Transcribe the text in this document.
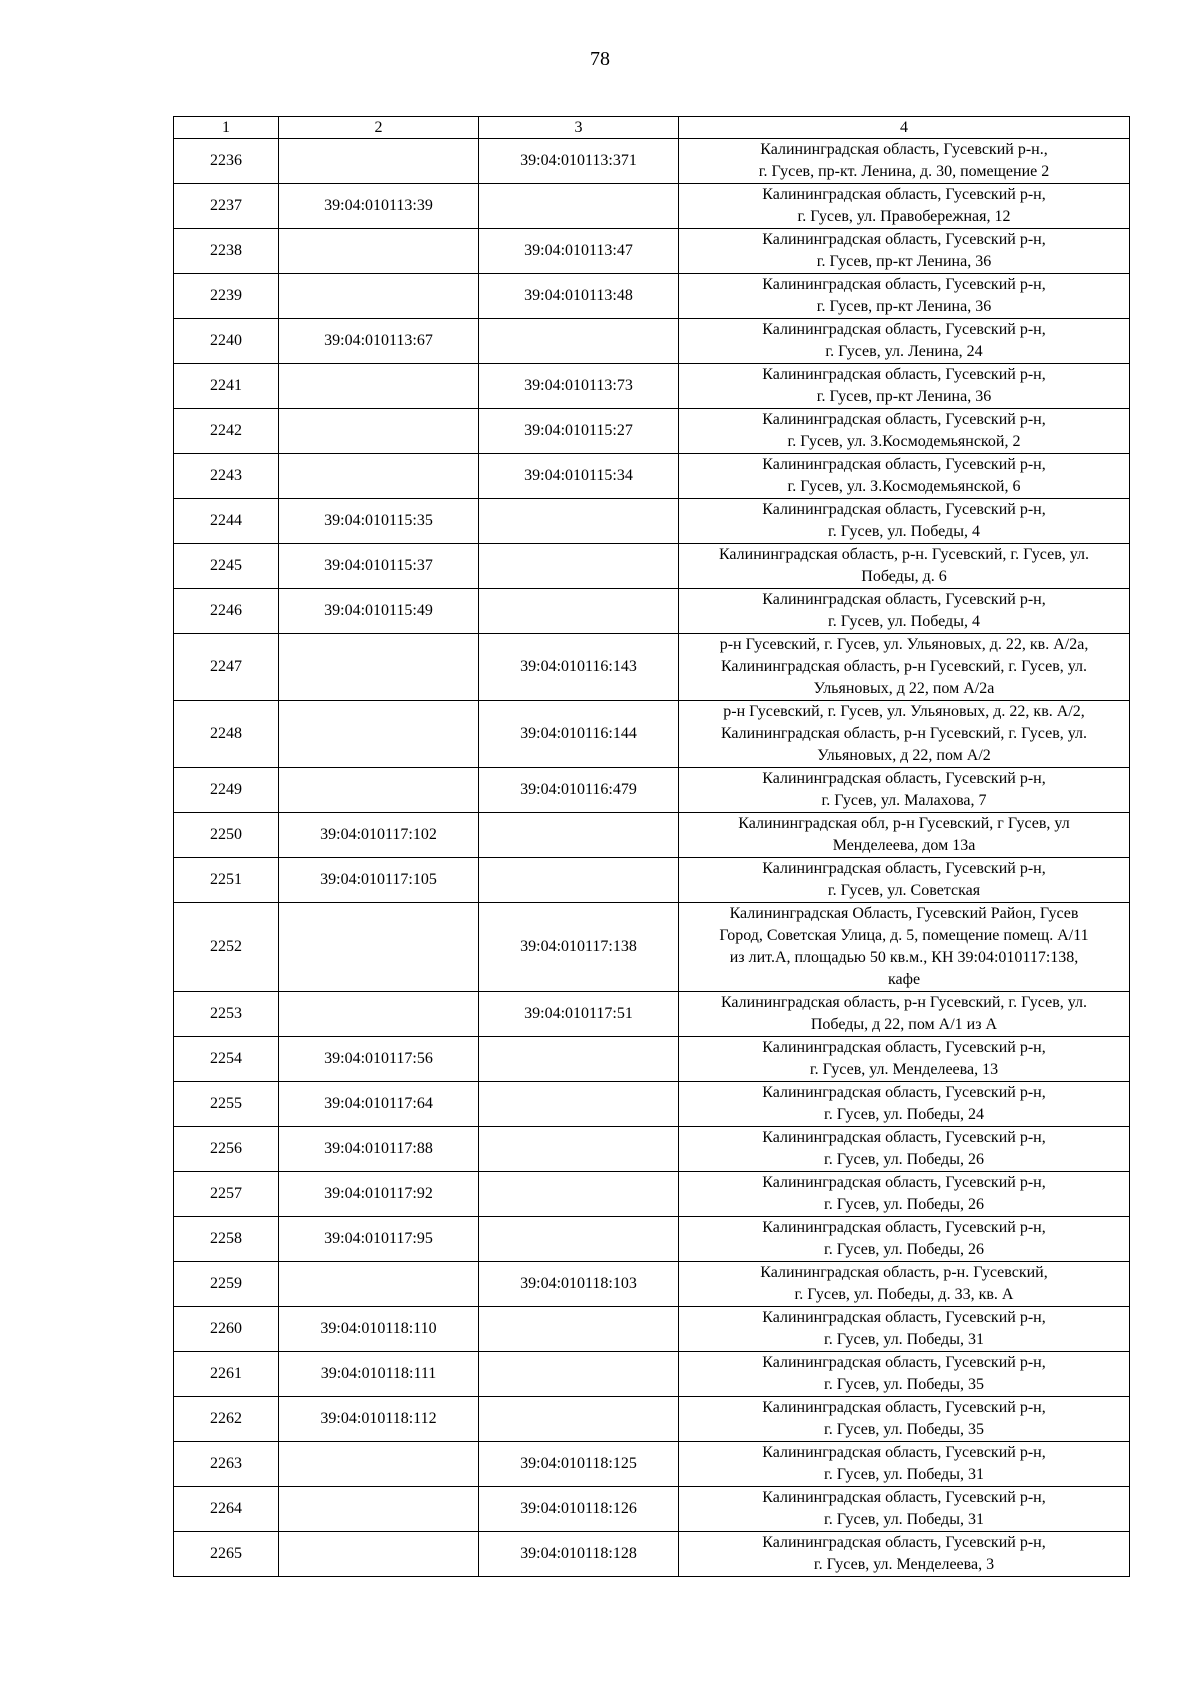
78
1	2	3	4
2236		39:04:010113:371	Калининградская область, Гусевский р-н.,
г. Гусев, пр-кт. Ленина, д. 30, помещение 2

2237	39:04:010113:39		Калининградская область, Гусевский р-н,
г. Гусев, ул. Правобережная, 12

2238		39:04:010113:47	Калининградская область, Гусевский р-н,
г. Гусев, пр-кт Ленина, 36

2239		39:04:010113:48	Калининградская область, Гусевский р-н,
г. Гусев, пр-кт Ленина, 36

2240	39:04:010113:67		Калининградская область, Гусевский р-н,
г. Гусев, ул. Ленина, 24

2241		39:04:010113:73	Калининградская область, Гусевский р-н,
г. Гусев, пр-кт Ленина, 36

2242		39:04:010115:27	Калининградская область, Гусевский р-н,
г. Гусев, ул. З.Космодемьянской, 2

2243		39:04:010115:34	Калининградская область, Гусевский р-н,
г. Гусев, ул. З.Космодемьянской, 6

2244	39:04:010115:35		Калининградская область, Гусевский р-н,
г. Гусев, ул. Победы, 4

2245	39:04:010115:37		Калининградская область, р-н. Гусевский, г. Гусев, ул.
Победы, д. 6

2246	39:04:010115:49		Калининградская область, Гусевский р-н,
г. Гусев, ул. Победы, 4

2247		39:04:010116:143	р-н Гусевский, г. Гусев, ул. Ульяновых, д. 22, кв. А/2а,
Калининградская область, р-н Гусевский, г. Гусев, ул.
Ульяновых, д 22, пом А/2а

2248		39:04:010116:144	р-н Гусевский, г. Гусев, ул. Ульяновых, д. 22, кв. А/2,
Калининградская область, р-н Гусевский, г. Гусев, ул.
Ульяновых, д 22, пом А/2

2249		39:04:010116:479	Калининградская область, Гусевский р-н,
г. Гусев, ул. Малахова, 7

2250	39:04:010117:102		Калининградская обл, р-н Гусевский, г Гусев, ул
Менделеева, дом 13а

2251	39:04:010117:105		Калининградская область, Гусевский р-н,
г. Гусев, ул. Советская

2252		39:04:010117:138	Калининградская Область, Гусевский Район, Гусев
Город, Советская Улица, д. 5, помещение помещ. А/11
из лит.А, площадью 50 кв.м., КН 39:04:010117:138,
кафе

2253		39:04:010117:51	Калининградская область, р-н Гусевский, г. Гусев, ул.
Победы, д 22, пом А/1 из А

2254	39:04:010117:56		Калининградская область, Гусевский р-н,
г. Гусев, ул. Менделеева, 13

2255	39:04:010117:64		Калининградская область, Гусевский р-н,
г. Гусев, ул. Победы, 24

2256	39:04:010117:88		Калининградская область, Гусевский р-н,
г. Гусев, ул. Победы, 26

2257	39:04:010117:92		Калининградская область, Гусевский р-н,
г. Гусев, ул. Победы, 26

2258	39:04:010117:95		Калининградская область, Гусевский р-н,
г. Гусев, ул. Победы, 26

2259		39:04:010118:103	Калининградская область, р-н. Гусевский,
г. Гусев, ул. Победы, д. 33, кв. А

2260	39:04:010118:110		Калининградская область, Гусевский р-н,
г. Гусев, ул. Победы, 31

2261	39:04:010118:111		Калининградская область, Гусевский р-н,
г. Гусев, ул. Победы, 35

2262	39:04:010118:112		Калининградская область, Гусевский р-н,
г. Гусев, ул. Победы, 35

2263		39:04:010118:125	Калининградская область, Гусевский р-н,
г. Гусев, ул. Победы, 31

2264		39:04:010118:126	Калининградская область, Гусевский р-н,
г. Гусев, ул. Победы, 31

2265		39:04:010118:128	Калининградская область, Гусевский р-н,
г. Гусев, ул. Менделеева, 3
